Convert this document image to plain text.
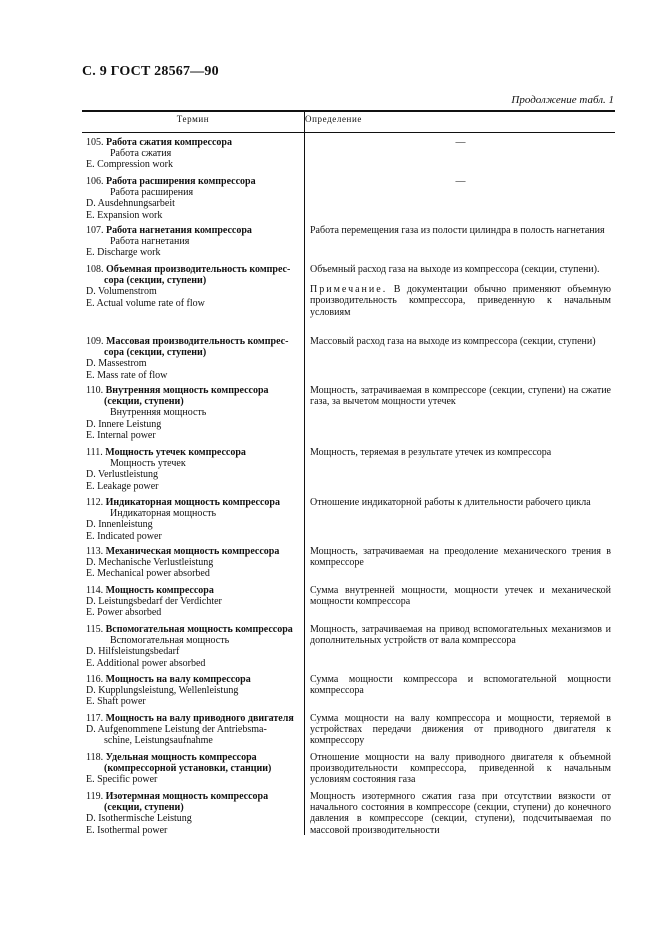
С. 9 ГОСТ 28567—90
Продолжение табл. 1
Термин	Определение
105. Работа сжатия компрессора
Работа сжатия
E. Compression work
—
106. Работа расширения компрессора
Работа расширения
D. Ausdehnungsarbeit
E. Expansion work
—
107. Работа нагнетания компрессора
Работа нагнетания
E. Discharge work
Работа перемещения газа из полости цилиндра в полость нагнетания
108. Объемная производительность компрес-
сора (секции, ступени)
D. Volumenstrom
E. Actual volume rate of flow
Объемный расход газа на выходе из компрессора (секции, ступени).
Примечание. В документации обычно применяют объемную производительность компрессора, приведенную к начальным условиям
109. Массовая производительность компрес-
сора (секции, ступени)
D. Massestrom
E. Mass rate of flow
Массовый расход газа на выходе из компрессора (секции, ступени)
110. Внутренняя мощность компрессора
(секции, ступени)
Внутренняя мощность
D. Innere Leistung
E. Internal power
Мощность, затрачиваемая в компрессоре (секции, ступени) на сжатие газа, за вычетом мощности утечек
111. Мощность утечек компрессора
Мощность утечек
D. Verlustleistung
E. Leakage power
Мощность, теряемая в результате утечек из компрессора
112. Индикаторная мощность компрессора
Индикаторная мощность
D. Innenleistung
E. Indicated power
Отношение индикаторной работы к длительности рабочего цикла
113. Механическая мощность компрессора
D. Mechanische Verlustleistung
E. Mechanical power absorbed
Мощность, затрачиваемая на преодоление механического трения в компрессоре
114. Мощность компрессора
D. Leistungsbedarf der Verdichter
E. Power absorbed
Сумма внутренней мощности, мощности утечек и механической мощности компрессора
115. Вспомогательная мощность компрессора
Вспомогательная мощность
D. Hilfsleistungsbedarf
E. Additional power absorbed
Мощность, затрачиваемая на привод вспомогательных механизмов и дополнительных устройств от вала компрессора
116. Мощность на валу компрессора
D. Kupplungsleistung, Wellenleistung
E. Shaft power
Сумма мощности компрессора и вспомогательной мощности компрессора
117. Мощность на валу приводного двигателя
D. Aufgenommene Leistung der Antriebsma-
schine, Leistungsaufnahme
Сумма мощности на валу компрессора и мощности, теряемой в устройствах передачи движения от приводного двигателя к компрессору
118. Удельная мощность компрессора
(компрессорной установки, станции)
E. Specific power
Отношение мощности на валу приводного двигателя к объемной производительности компрессора, приведенной к начальным условиям состояния газа
119. Изотермная мощность компрессора
(секции, ступени)
D. Isothermische Leistung
E. Isothermal power
Мощность изотермного сжатия газа при отсутствии вязкости от начального состояния в компрессоре (секции, ступени) до конечного давления в компрессоре (секции, ступени), подсчитываемая по массовой производительности
